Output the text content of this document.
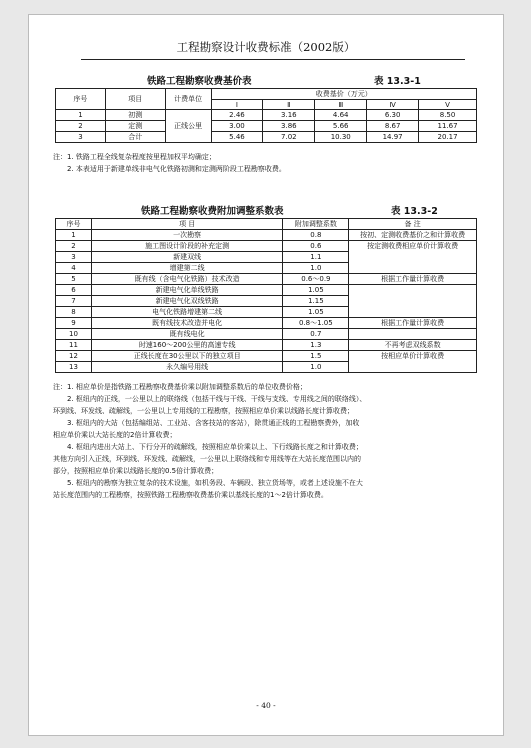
工程勘察设计收费标准（2002版）
铁路工程勘察收费基价表	表 13.3-1
序号	项目	计费单位	收费基价（万元）				
			Ⅰ	Ⅱ	Ⅲ	Ⅳ	Ⅴ
1	初测	正线公里	2.46	3.16	4.64	6.30	8.50
2	定测		3.00	3.86	5.66	8.67	11.67
3	合计		5.46	7.02	10.30	14.97	20.17
注：1. 铁路工程全线复杂程度按里程加权平均确定；
2. 本表适用于新建单线非电气化铁路初测和定测两阶段工程勘察收费。
铁路工程勘察收费附加调整系数表	表 13.3-2
序号	项 目	附加调整系数	备 注
1	一次勘察	0.8	按初、定测收费基价之和计算收费
2	施工图设计阶段的补充定测	0.6	按定测收费相应单价计算收费
3	新建双线	1.1	
4	增建第二线	1.0	
5	既有线（含电气化铁路）技术改造	0.6～0.9	根据工作量计算收费
6	新建电气化单线铁路	1.05	
7	新建电气化双线铁路	1.15	
8	电气化铁路增建第二线	1.05	
9	既有线技术改造并电化	0.8～1.05	根据工作量计算收费
10	既有线电化	0.7	
11	时速160～200公里的高速专线	1.3	不再考虑双线系数
12	正线长度在30公里以下的独立项目	1.5	按相应单价计算收费
13	永久编号用线	1.0	
注：1. 相应单价是指铁路工程勘察收费基价乘以附加调整系数后的单位收费价格；
2. 枢纽内的正线，一公里以上的联络线（包括干线与干线、干线与支线、专用线之间的联络线）、
环到线、环发线、疏解线，一公里以上专用线的工程勘察，按照相应单价乘以线路长度计算收费；
3. 枢纽内的大站（包括编组站、工业站、含客技站的客站），除贯通正线的工程勘察费外，加收
相应单价乘以大站长度的2倍计算收费；
4. 枢纽内进出大站上、下行分开的疏解线，按照相应单价乘以上、下行线路长度之和计算收费；
其他方向引入正线，环到线、环发线、疏解线，一公里以上联络线和专用线等在大站长度范围以内的
部分，按照相应单价乘以线路长度的0.5倍计算收费；
5. 枢纽内的勘察为独立复杂的技术设施，如机务段、车辆段、独立货场等，或者上述设施不在大
站长度范围内的工程勘察，按照铁路工程勘察收费基价乘以基线长度的1～2倍计算收费。
- 40 -
